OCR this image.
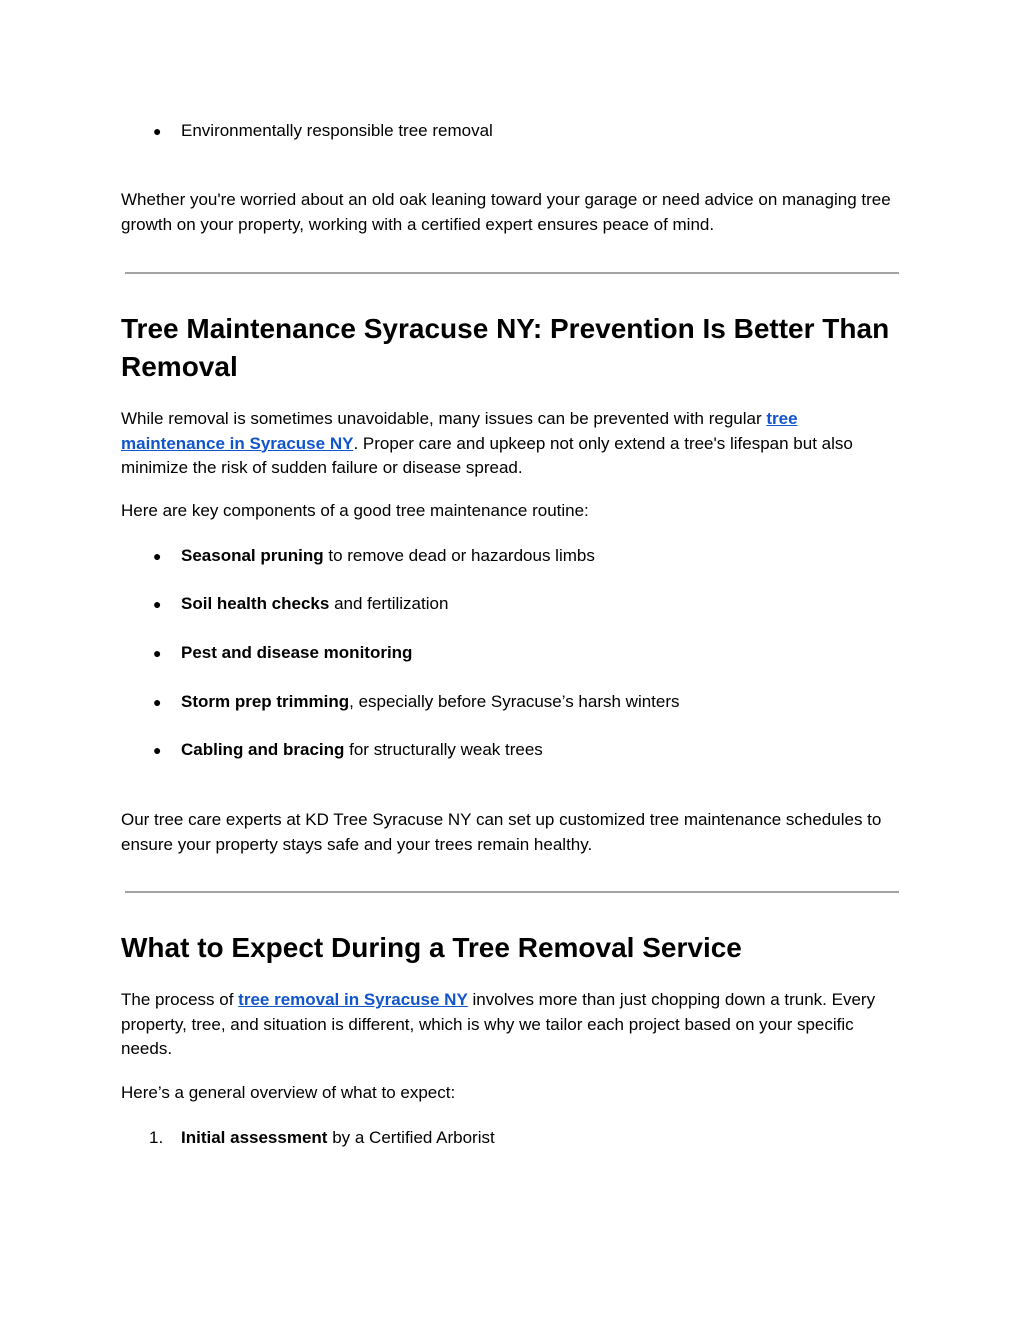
● Environmentally responsible tree removal

Whether you're worried about an old oak leaning toward your garage or need advice on managing tree growth on your property, working with a certified expert ensures peace of mind.

Tree Maintenance Syracuse NY: Prevention Is Better Than Removal

While removal is sometimes unavoidable, many issues can be prevented with regular tree maintenance in Syracuse NY. Proper care and upkeep not only extend a tree's lifespan but also minimize the risk of sudden failure or disease spread.

Here are key components of a good tree maintenance routine:

● Seasonal pruning to remove dead or hazardous limbs
● Soil health checks and fertilization
● Pest and disease monitoring
● Storm prep trimming, especially before Syracuse’s harsh winters
● Cabling and bracing for structurally weak trees

Our tree care experts at KD Tree Syracuse NY can set up customized tree maintenance schedules to ensure your property stays safe and your trees remain healthy.

What to Expect During a Tree Removal Service

The process of tree removal in Syracuse NY involves more than just chopping down a trunk. Every property, tree, and situation is different, which is why we tailor each project based on your specific needs.

Here’s a general overview of what to expect:

1. Initial assessment by a Certified Arborist
